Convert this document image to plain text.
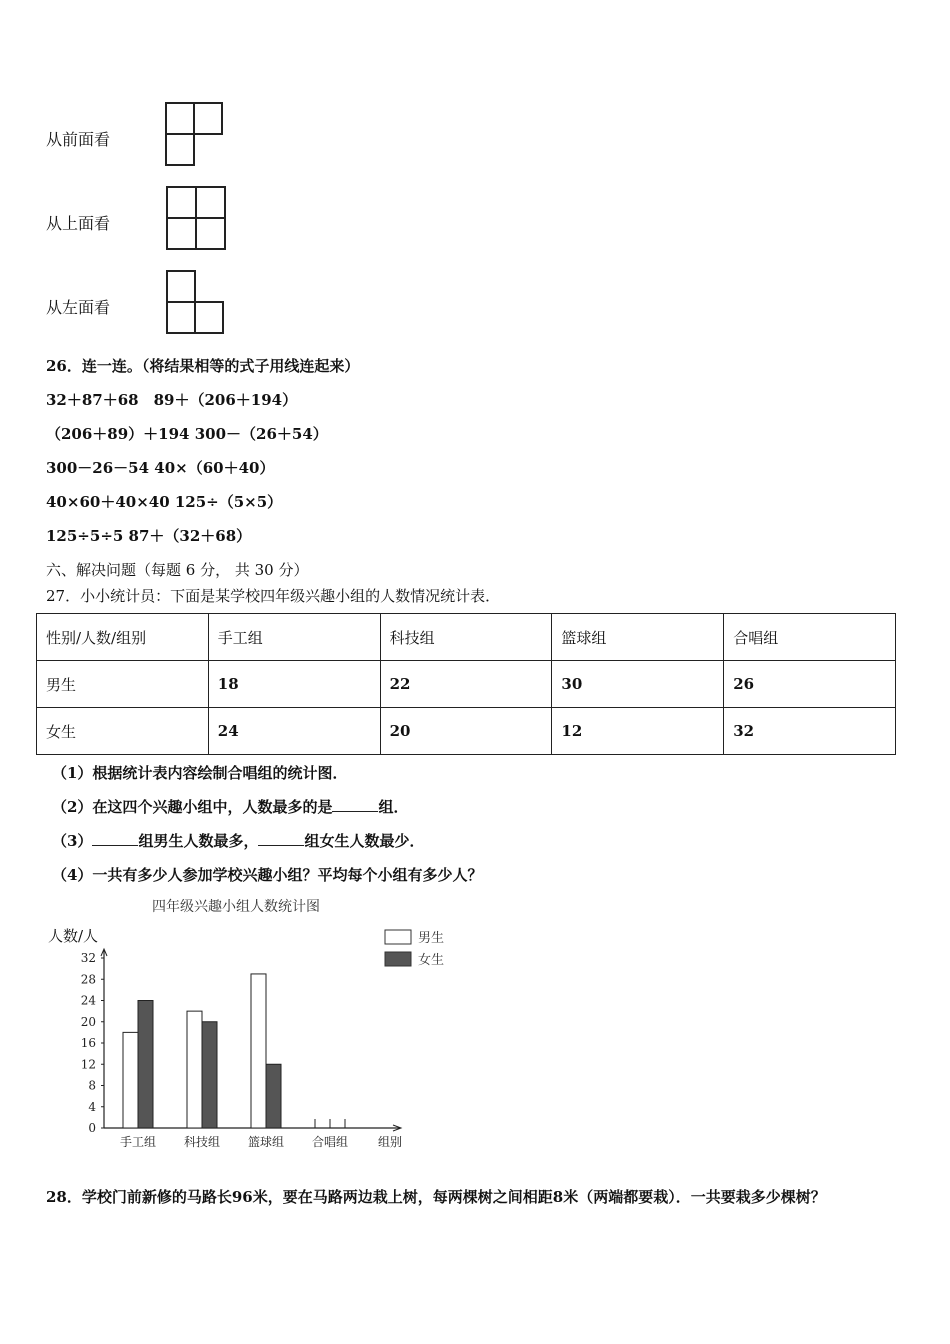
从前面看
从上面看
从左面看
26．连一连。（将结果相等的式子用线连起来）
32＋87＋68　89＋（206＋194）
（206＋89）＋194 300－（26＋54）
300－26－54 40×（60＋40）
40×60＋40×40 125÷（5×5）
125÷5÷5 87＋（32＋68）
六、解决问题（每题 6 分， 共 30 分）
27．小小统计员：下面是某学校四年级兴趣小组的人数情况统计表．
性别/人数/组别	手工组	科技组	篮球组	合唱组
男生	18	22	30	26
女生	24	20	12	32
（1）根据统计表内容绘制合唱组的统计图．
（2）在这四个兴趣小组中，人数最多的是	组．
（3）	组男生人数最多，	组女生人数最少．
（4）一共有多少人参加学校兴趣小组？平均每个小组有多少人？
四年级兴趣小组人数统计图
人数/人	男生
女生
0
4
8
12
16
20
24
28
32
手工组 科技组 篮球组 合唱组 组别
28．学校门前新修的马路长96米，要在马路两边栽上树，每两棵树之间相距8米（两端都要栽）．一共要栽多少棵树？
